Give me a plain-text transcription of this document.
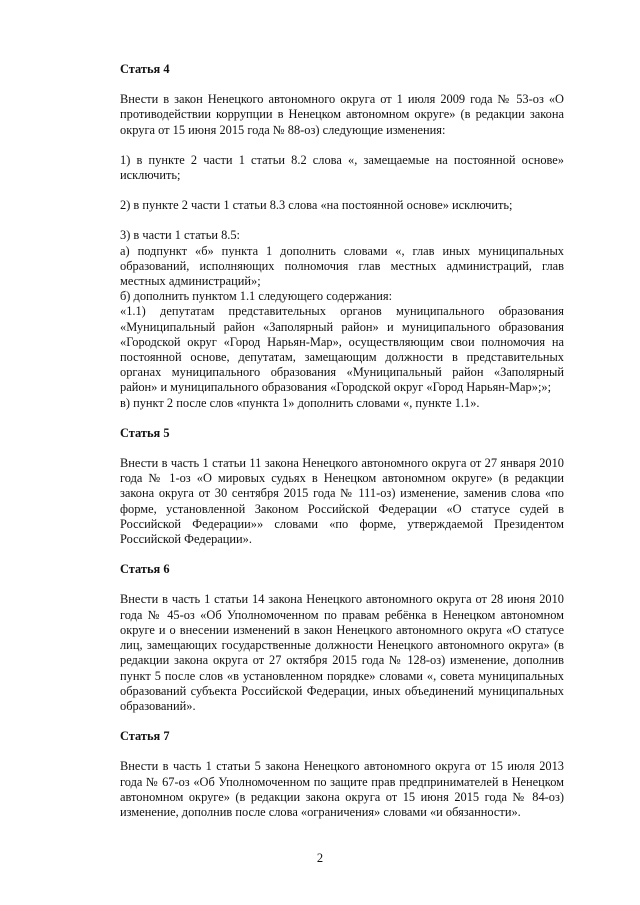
Статья 4

Внести в закон Ненецкого автономного округа от 1 июля 2009 года № 53-оз «О противодействии коррупции в Ненецком автономном округе» (в редакции закона округа от 15 июня 2015 года № 88-оз) следующие изменения:

1) в пункте 2 части 1 статьи 8.2 слова «, замещаемые на постоянной основе» исключить;

2) в пункте 2 части 1 статьи 8.3 слова «на постоянной основе» исключить;

3) в части 1 статьи 8.5:

а) подпункт «б» пункта 1 дополнить словами «, глав иных муниципальных образований, исполняющих полномочия глав местных администраций, глав местных администраций»;

б) дополнить пунктом 1.1 следующего содержания:

«1.1) депутатам представительных органов муниципального образования «Муниципальный район «Заполярный район» и муниципального образования «Городской округ «Город Нарьян-Мар», осуществляющим свои полномочия на постоянной основе, депутатам, замещающим должности в представительных органах муниципального образования «Муниципальный район «Заполярный район» и муниципального образования «Городской округ «Город Нарьян-Мар»;»;

в) пункт 2 после слов «пункта 1» дополнить словами «, пункте 1.1».

Статья 5

Внести в часть 1 статьи 11 закона Ненецкого автономного округа от 27 января 2010 года № 1-оз «О мировых судьях в Ненецком автономном округе» (в редакции закона округа от 30 сентября 2015 года № 111-оз) изменение, заменив слова «по форме, установленной Законом Российской Федерации «О статусе судей в Российской Федерации»» словами «по форме, утверждаемой Президентом Российской Федерации».

Статья 6

Внести в часть 1 статьи 14 закона Ненецкого автономного округа от 28 июня 2010 года № 45-оз «Об Уполномоченном по правам ребёнка в Ненецком автономном округе и о внесении изменений в закон Ненецкого автономного округа «О статусе лиц, замещающих государственные должности Ненецкого автономного округа» (в редакции закона округа от 27 октября 2015 года № 128-оз) изменение, дополнив пункт 5 после слов «в установленном порядке» словами «, совета муниципальных образований субъекта Российской Федерации, иных объединений муниципальных образований».

Статья 7

Внести в часть 1 статьи 5 закона Ненецкого автономного округа от 15 июля 2013 года № 67-оз «Об Уполномоченном по защите прав предпринимателей в Ненецком автономном округе» (в редакции закона округа от 15 июня 2015 года № 84-оз) изменение, дополнив после слова «ограничения» словами «и обязанности».

2
